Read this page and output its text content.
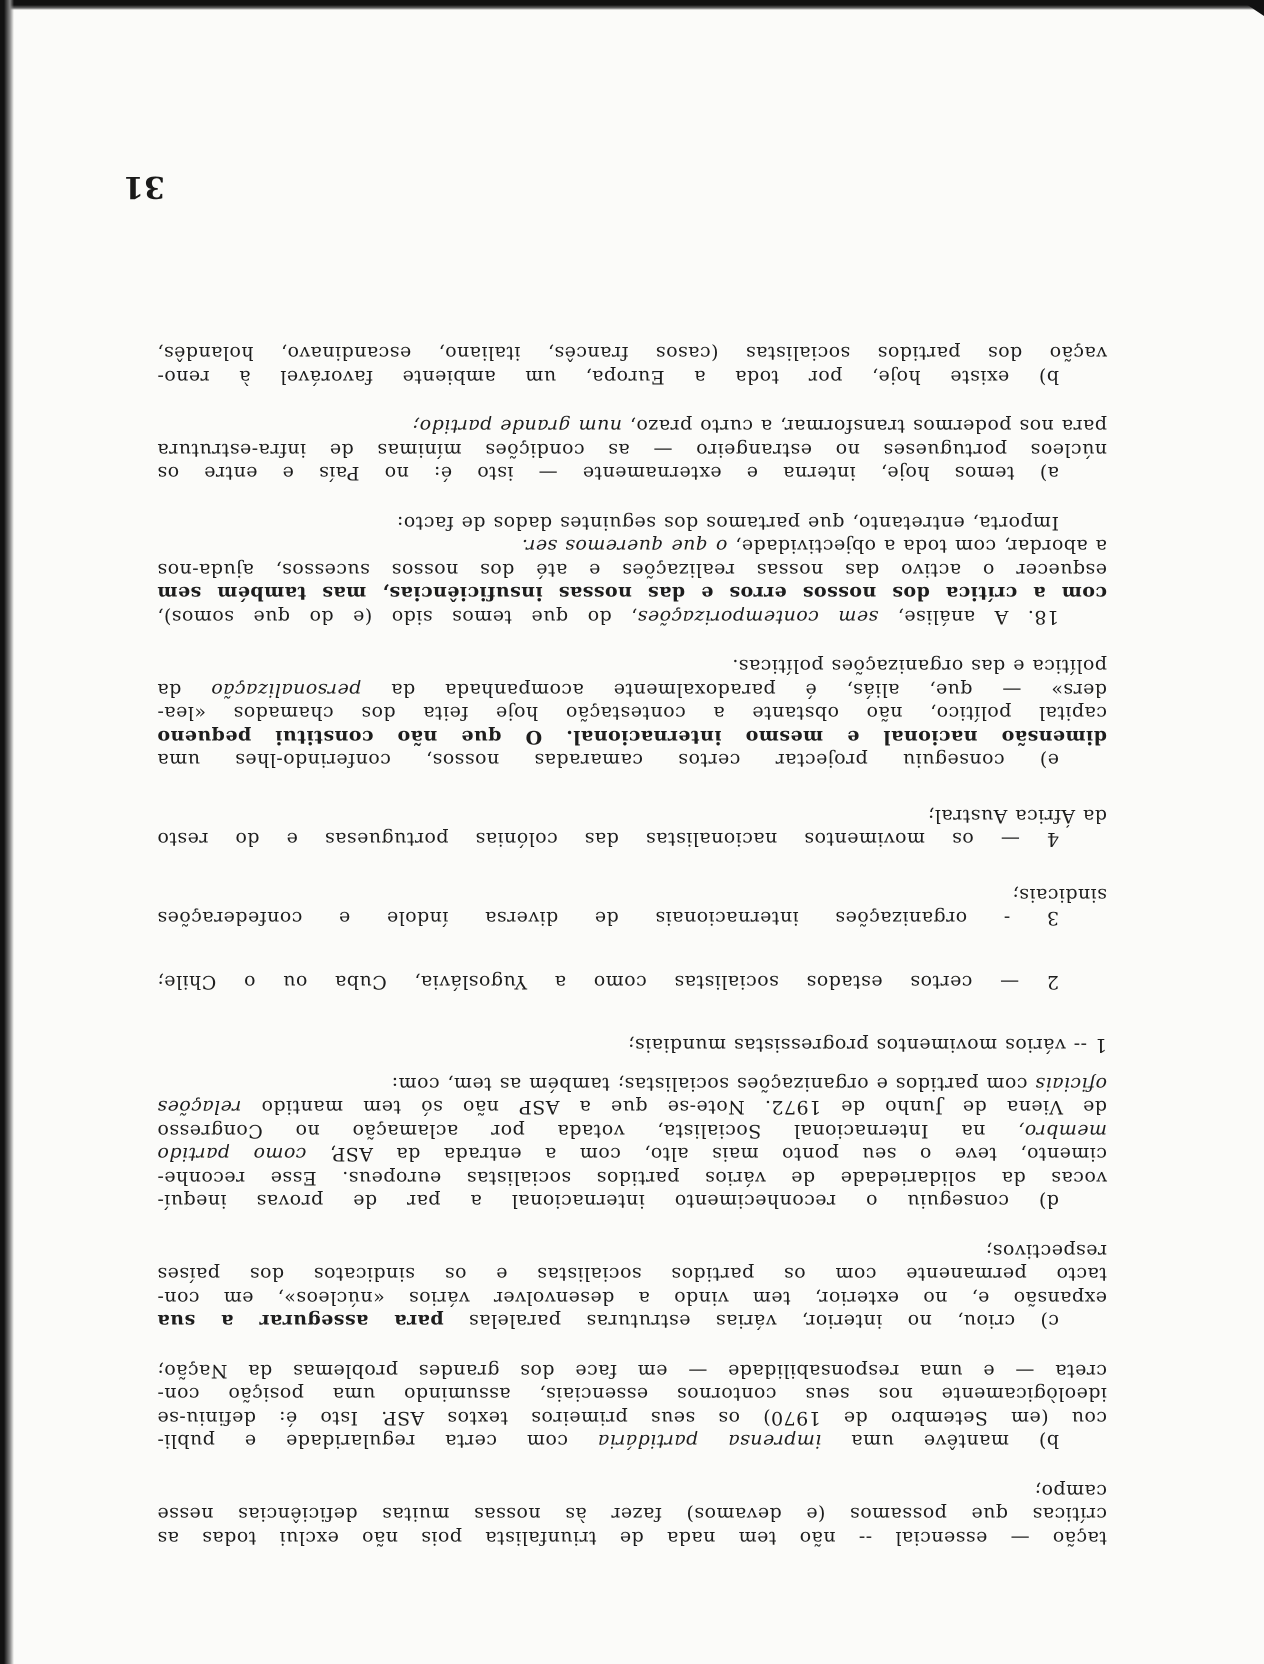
tação — essencial -- não tem nada de triunfalista pois não exclui todas as
críticas que possamos (e devamos) fazer às nossas muitas deficiências nesse
campo;
b) mantêve uma imprensa partidária com certa regularidade e publi-
cou (em Setembro de 1970) os seus primeiros textos ASP. Isto é: definiu-se
ideològicamente nos seus contornos essenciais, assumindo uma posição con-
creta — e uma responsabilidade — em face dos grandes problemas da Nação;
c) criou, no interior, várias estruturas paralelas para assegurar a sua
expansão e, no exterior, tem vindo a desenvolver vários «núcleos», em con-
tacto permanente com os partidos socialistas e os sindicatos dos países
respectivos;
d) conseguiu o reconhecimento internacional a par de provas inequí-
vocas da solidariedade de vários partidos socialistas europeus. Esse reconhe-
cimento, teve o seu ponto mais alto, com a entrada da ASP, como partido
membro, na Internacional Socialista, votada por aclamação no Congresso
de Viena de Junho de 1972. Note-se que a ASP não só tem mantido relações
oficiais com partidos e organizações socialistas; também as tem, com:
1 -- vários movimentos progressistas mundiais;
2 — certos estados socialistas como a Yugoslávia, Cuba ou o Chile;
3 - organizações internacionais de diversa índole e confederações
sindicais;
4 — os movimentos nacionalistas das colónias portuguesas e do resto
da África Austral;
e) conseguiu projectar certos camaradas nossos, conferindo-lhes uma
dimensão nacional e mesmo internacional. O que não constitui pequeno
capital político, não obstante a contestação hoje feita dos chamados «lea-
ders» — que, aliás, é paradoxalmente acompanhada da personalização da
política e das organizações políticas.
18. A análise, sem contemporizações, do que temos sido (e do que somos),
com a crítica dos nossos erros e das nossas insuficiências, mas também sem
esquecer o activo das nossas realizações e até dos nossos sucessos, ajuda-nos
a abordar, com toda a objectividade, o que queremos ser.
Importa, entretanto, que partamos dos seguintes dados de facto:
a) temos hoje, interna e externamente — isto é: no País e entre os
núcleos portugueses no estrangeiro — as condições mínimas de infra-estrutura
para nos podermos transformar, a curto prazo, num grande partido;
b) existe hoje, por toda a Europa, um ambiente favorável à reno-
vação dos partidos socialistas (casos francês, italiano, escandinavo, holandês,
31
